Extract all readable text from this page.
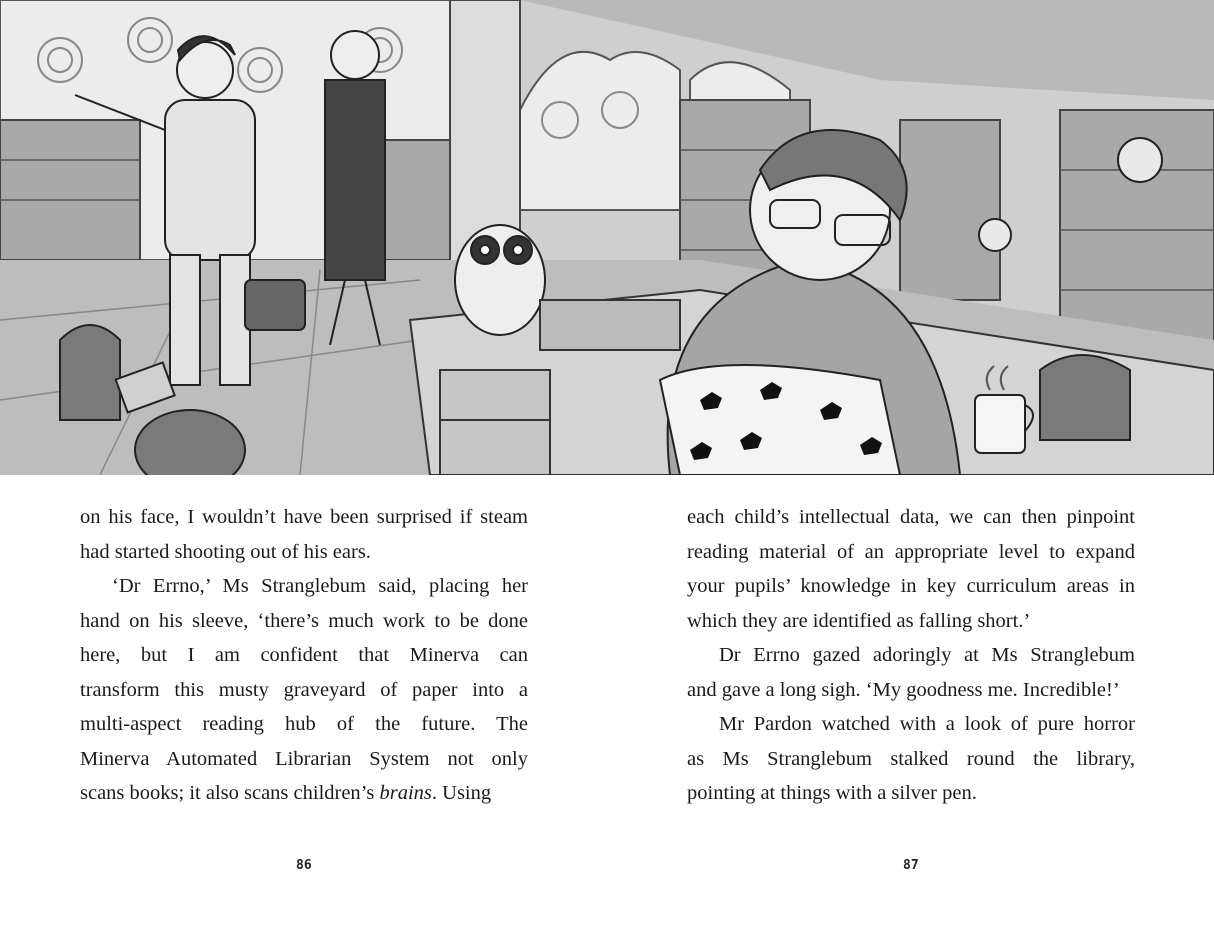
on his face, I wouldn’t have been surprised if steam
had started shooting out of his ears.
‘Dr Errno,’ Ms Stranglebum said, placing her
hand on his sleeve, ‘there’s much work to be done
here, but I am confident that Minerva can
transform this musty graveyard of paper into a
multi-aspect reading hub of the future. The
Minerva Automated Librarian System not only
scans books; it also scans children’s brains. Using
86
each child’s intellectual data, we can then pinpoint
reading material of an appropriate level to expand
your pupils’ knowledge in key curriculum areas in
which they are identified as falling short.’
Dr Errno gazed adoringly at Ms Stranglebum
and gave a long sigh. ‘My goodness me. Incredible!’
Mr Pardon watched with a look of pure horror
as Ms Stranglebum stalked round the library,
pointing at things with a silver pen.
87
